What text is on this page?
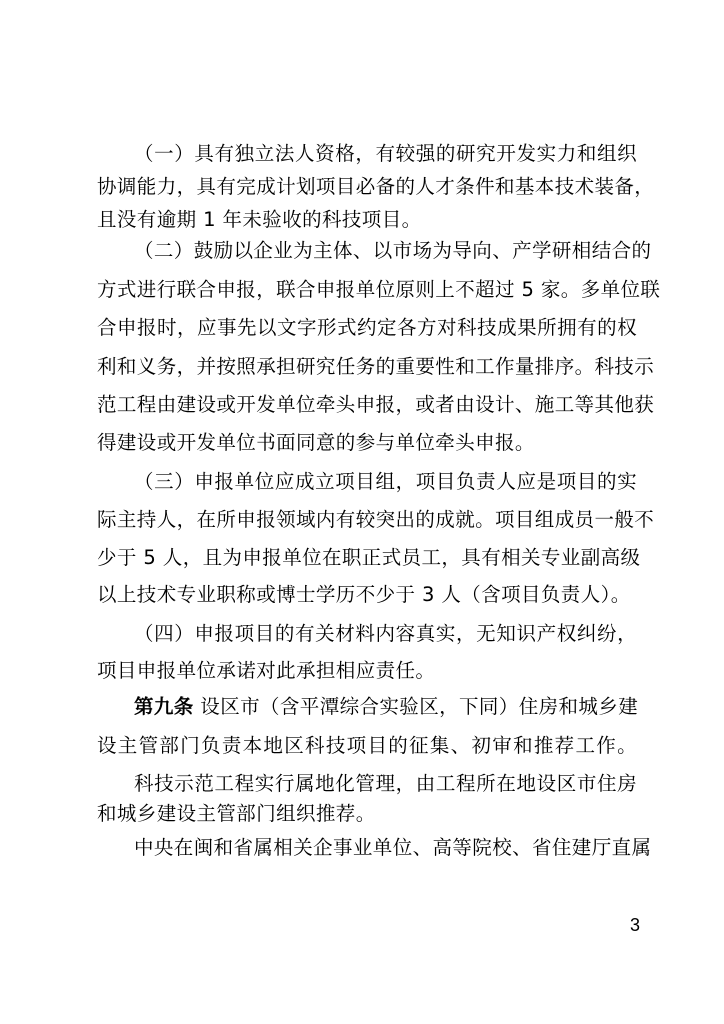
（一）具有独立法人资格，有较强的研究开发实力和组织
协调能力，具有完成计划项目必备的人才条件和基本技术装备，
且没有逾期 1 年未验收的科技项目。
（二）鼓励以企业为主体、以市场为导向、产学研相结合的
方式进行联合申报，联合申报单位原则上不超过 5 家。多单位联
合申报时，应事先以文字形式约定各方对科技成果所拥有的权
利和义务，并按照承担研究任务的重要性和工作量排序。科技示
范工程由建设或开发单位牵头申报，或者由设计、施工等其他获
得建设或开发单位书面同意的参与单位牵头申报。
（三）申报单位应成立项目组，项目负责人应是项目的实
际主持人，在所申报领域内有较突出的成就。项目组成员一般不
少于 5 人，且为申报单位在职正式员工，具有相关专业副高级
以上技术专业职称或博士学历不少于 3 人（含项目负责人）。
（四）申报项目的有关材料内容真实，无知识产权纠纷，
项目申报单位承诺对此承担相应责任。
第九条 设区市（含平潭综合实验区，下同）住房和城乡建
设主管部门负责本地区科技项目的征集、初审和推荐工作。
科技示范工程实行属地化管理，由工程所在地设区市住房
和城乡建设主管部门组织推荐。
中央在闽和省属相关企事业单位、高等院校、省住建厅直属
3
